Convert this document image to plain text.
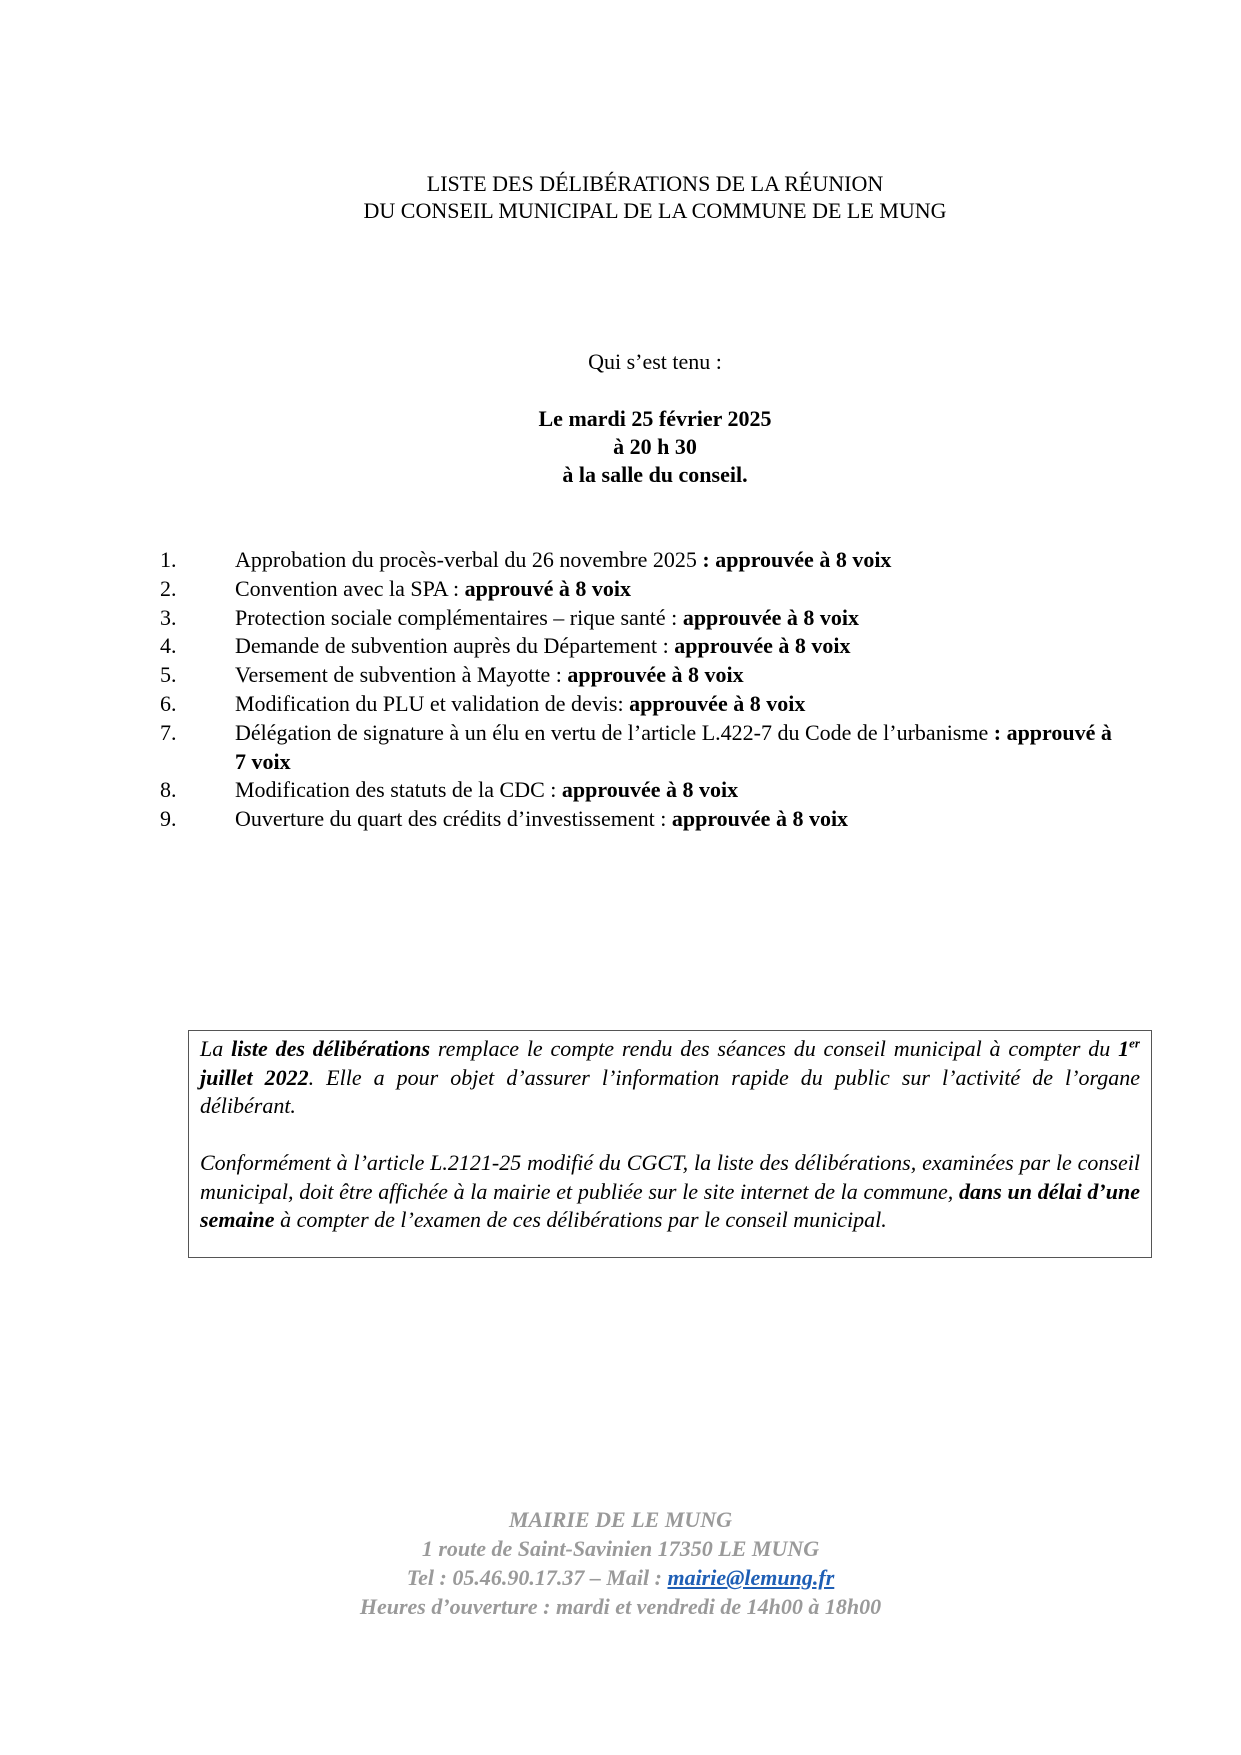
LISTE DES DÉLIBÉRATIONS DE LA RÉUNION
DU CONSEIL MUNICIPAL DE LA COMMUNE DE LE MUNG
Qui s’est tenu :
Le mardi 25 février 2025
à 20 h 30
à la salle du conseil.
1.	Approbation du procès-verbal du 26 novembre 2025 : approuvée à 8 voix
2.	Convention avec la SPA : approuvé à 8 voix
3.	Protection sociale complémentaires – rique santé : approuvée à 8 voix
4.	Demande de subvention auprès du Département : approuvée à 8 voix
5.	Versement de subvention à Mayotte : approuvée à 8 voix
6.	Modification du PLU et validation de devis: approuvée à 8 voix
7.	Délégation de signature à un élu en vertu de l’article L.422-7 du Code de l’urbanisme : approuvé à 7 voix
8.	Modification des statuts de la CDC : approuvée à 8 voix
9.	Ouverture du quart des crédits d’investissement : approuvée à 8 voix

La liste des délibérations remplace le compte rendu des séances du conseil municipal à compter du 1er juillet 2022. Elle a pour objet d’assurer l’information rapide du public sur l’activité de l’organe délibérant.

Conformément à l’article L.2121-25 modifié du CGCT, la liste des délibérations, examinées par le conseil municipal, doit être affichée à la mairie et publiée sur le site internet de la commune, dans un délai d’une semaine à compter de l’examen de ces délibérations par le conseil municipal.

MAIRIE DE LE MUNG
1 route de Saint-Savinien 17350 LE MUNG
Tel : 05.46.90.17.37 – Mail : mairie@lemung.fr
Heures d’ouverture : mardi et vendredi de 14h00 à 18h00
